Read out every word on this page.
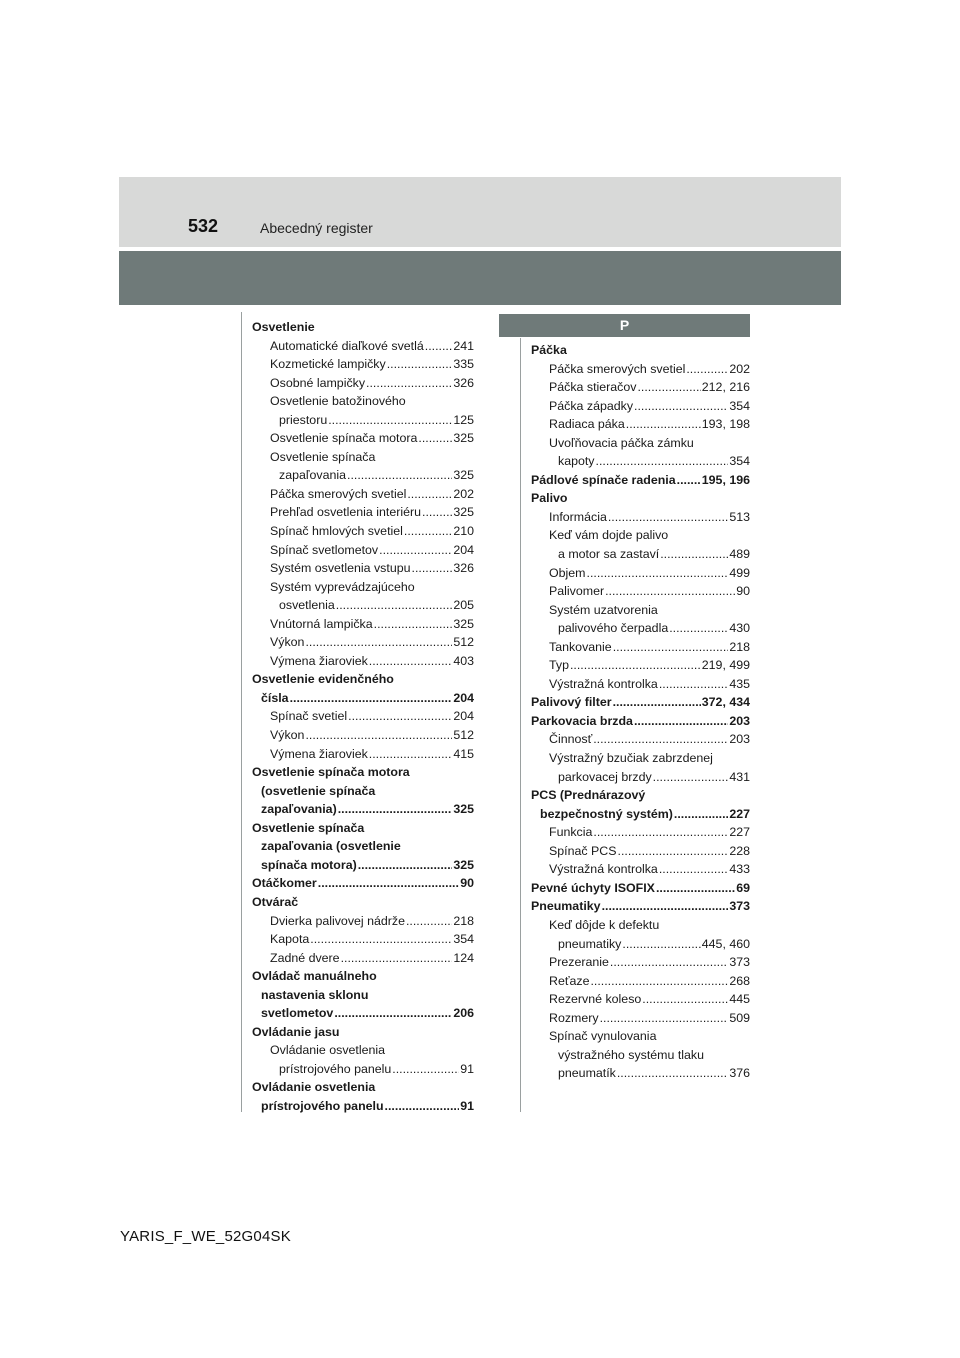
532	Abecedný register
P
Osvetlenie
Automatické diaľkové svetlá ..... 241
Kozmetické lampičky .....	335
Osobné lampičky .....	326
Osvetlenie batožinového
priestoru .....	125
Osvetlenie spínača motora .....	325
Osvetlenie spínača
zapaľovania .....	325
Páčka smerových svetiel .....	202
Prehľad osvetlenia interiéru .....	325
Spínač hmlových svetiel .....	210
Spínač svetlometov .....	204
Systém osvetlenia vstupu .....	326
Systém vyprevádzajúceho
osvetlenia .....	205
Vnútorná lampička .....	325
Výkon .....	512
Výmena žiaroviek .....	403
Osvetlenie evidenčného
čísla .....	204
Spínač svetiel .....	204
Výkon .....	512
Výmena žiaroviek .....	415
Osvetlenie spínača motora
(osvetlenie spínača
zapaľovania) .....	325
Osvetlenie spínača
zapaľovania (osvetlenie
spínača motora) .....	325
Otáčkomer .....	90
Otvárač
Dvierka palivovej nádrže .....	218
Kapota .....	354
Zadné dvere .....	124
Ovládač manuálneho
nastavenia sklonu
svetlometov .....	206
Ovládanie jasu
Ovládanie osvetlenia
prístrojového panelu .....	91
Ovládanie osvetlenia
prístrojového panelu .....	91
Páčka
Páčka smerových svetiel .....	202
Páčka stieračov .....	212, 216
Páčka západky .....	354
Radiaca páka .....	193, 198
Uvoľňovacia páčka zámku
kapoty .....	354
Pádlové spínače radenia ..... 195, 196
Palivo
Informácia .....	513
Keď vám dojde palivo
a motor sa zastaví .....	489
Objem .....	499
Palivomer .....	90
Systém uzatvorenia
palivového čerpadla .....	430
Tankovanie .....	218
Typ .....	219, 499
Výstražná kontrolka .....	435
Palivový filter .....	372, 434
Parkovacia brzda .....	203
Činnosť .....	203
Výstražný bzučiak zabrzdenej
parkovacej brzdy .....	431
PCS (Prednárazový
bezpečnostný systém) .....	227
Funkcia .....	227
Spínač PCS .....	228
Výstražná kontrolka .....	433
Pevné úchyty ISOFIX .....	69
Pneumatiky .....	373
Keď dôjde k defektu
pneumatiky .....	445, 460
Prezeranie .....	373
Reťaze .....	268
Rezervné koleso .....	445
Rozmery .....	509
Spínač vynulovania
výstražného systému tlaku
pneumatík .....	376
YARIS_F_WE_52G04SK
